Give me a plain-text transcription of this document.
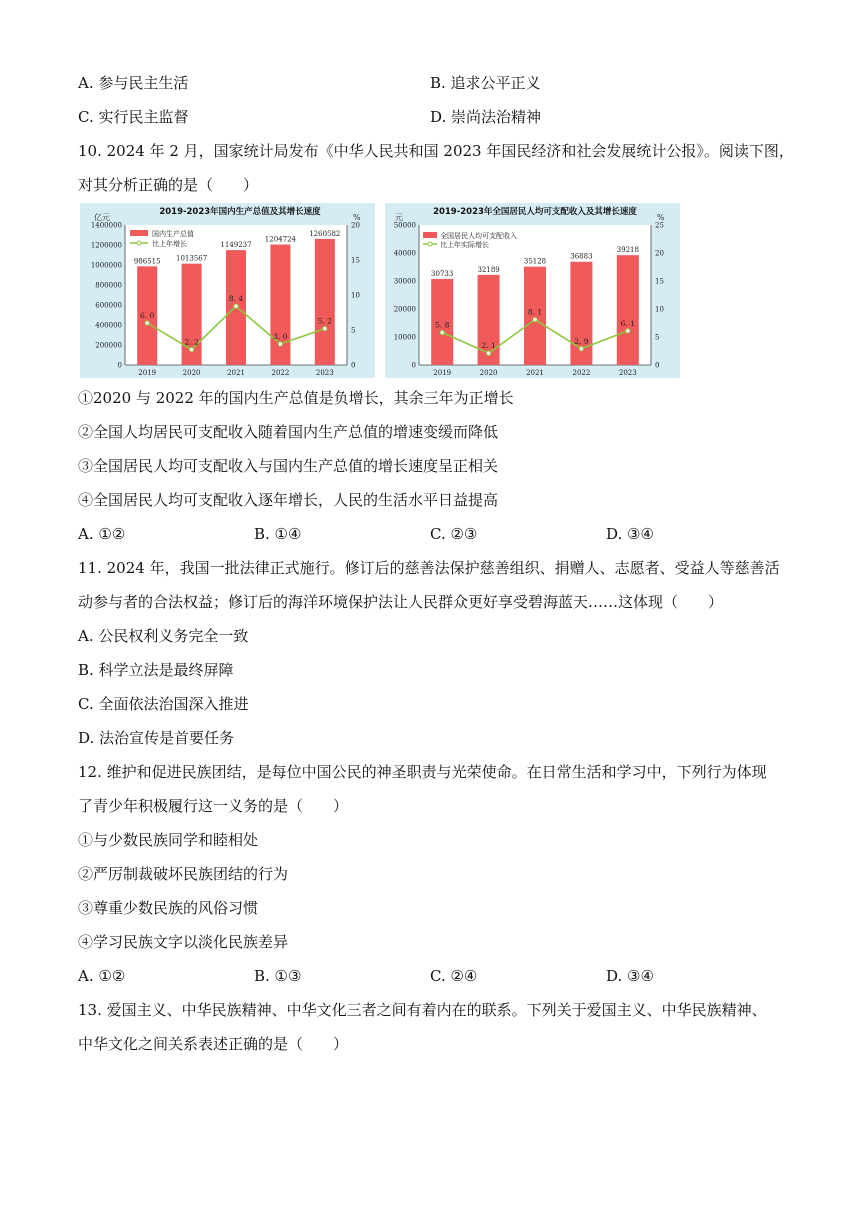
A. 参与民主生活	B. 追求公平正义
C. 实行民主监督	D. 崇尚法治精神
10. 2024 年 2 月，国家统计局发布《中华人民共和国 2023 年国民经济和社会发展统计公报》。阅读下图，
对其分析正确的是（　　）
2019-2023年国内生产总值及其增长速度
亿元	%
国内生产总值
比上年增长
0
200000
400000
600000
800000
1000000
1200000
1400000
0
5
10
15
20
986515
2019
1013567
2020
1149237
2021
1204724
2022
1260582
2023
6. 0
2. 2
8. 4
3. 0
5. 2
2019-2023年全国居民人均可支配收入及其增长速度
元	%
全国居民人均可支配收入
比上年实际增长
0
10000
20000
30000
40000
50000
0
5
10
15
20
25
30733
2019
32189
2020
35128
2021
36883
2022
39218
2023
5. 8
2. 1
8. 1
2. 9
6. 1
①2020 与 2022 年的国内生产总值是负增长，其余三年为正增长
②全国人均居民可支配收入随着国内生产总值的增速变缓而降低
③全国居民人均可支配收入与国内生产总值的增长速度呈正相关
④全国居民人均可支配收入逐年增长，人民的生活水平日益提高
A. ①②	B. ①④	C. ②③	D. ③④
11. 2024 年，我国一批法律正式施行。修订后的慈善法保护慈善组织、捐赠人、志愿者、受益人等慈善活
动参与者的合法权益；修订后的海洋环境保护法让人民群众更好享受碧海蓝天……这体现（　　）
A. 公民权利义务完全一致
B. 科学立法是最终屏障
C. 全面依法治国深入推进
D. 法治宣传是首要任务
12. 维护和促进民族团结，是每位中国公民的神圣职责与光荣使命。在日常生活和学习中，下列行为体现
了青少年积极履行这一义务的是（　　）
①与少数民族同学和睦相处
②严厉制裁破坏民族团结的行为
③尊重少数民族的风俗习惯
④学习民族文字以淡化民族差异
A. ①②	B. ①③	C. ②④	D. ③④
13. 爱国主义、中华民族精神、中华文化三者之间有着内在的联系。下列关于爱国主义、中华民族精神、
中华文化之间关系表述正确的是（　　）
